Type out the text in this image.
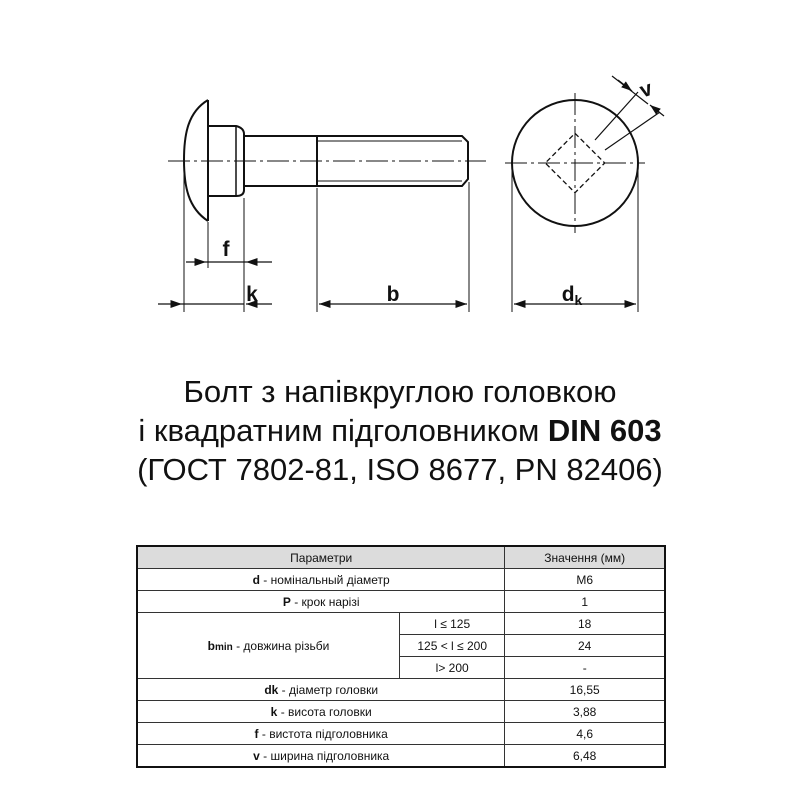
f
k	b
v
dk
Болт з напівкруглою головкою
і квадратним підголовником DIN 603
(ГОСТ 7802-81, ISO 8677, PN 82406)
Параметри		Значення (мм)
d - номінальный діаметр		M6
P - крок нарізі		1
bmin - довжина різьби	l ≤ 125	18
	125 < l ≤ 200	24
	l> 200	-
dk - діаметр головки		16,55
k - висота головки		3,88
f - вистота підголовника		4,6
v - ширина підголовника		6,48
